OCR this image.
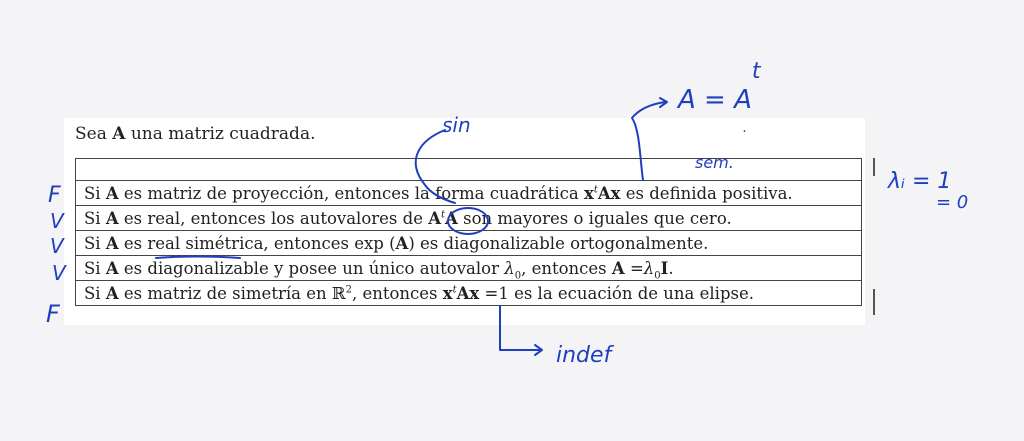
Sea A una matriz cuadrada.

Si A es matriz de proyección, entonces la forma cuadrática $x^tAx$ es definida positiva.
Si A es real, entonces los autovalores de $A^tA$ son mayores o iguales que cero.
Si A es real simétrica, entonces exp (A) es diagonalizable ortogonalmente.
Si A es diagonalizable y posee un único autovalor $\lambda_0$, entonces $A =\lambda_0I$.
Si A es matriz de simetría en ℝ$^2$, entonces $x^tAx =1$ es la ecuación de una elipse.
F
V
V
V
F
sin
$A = A^t$
sem.
·
λᵢ = 1
= 0
indef
